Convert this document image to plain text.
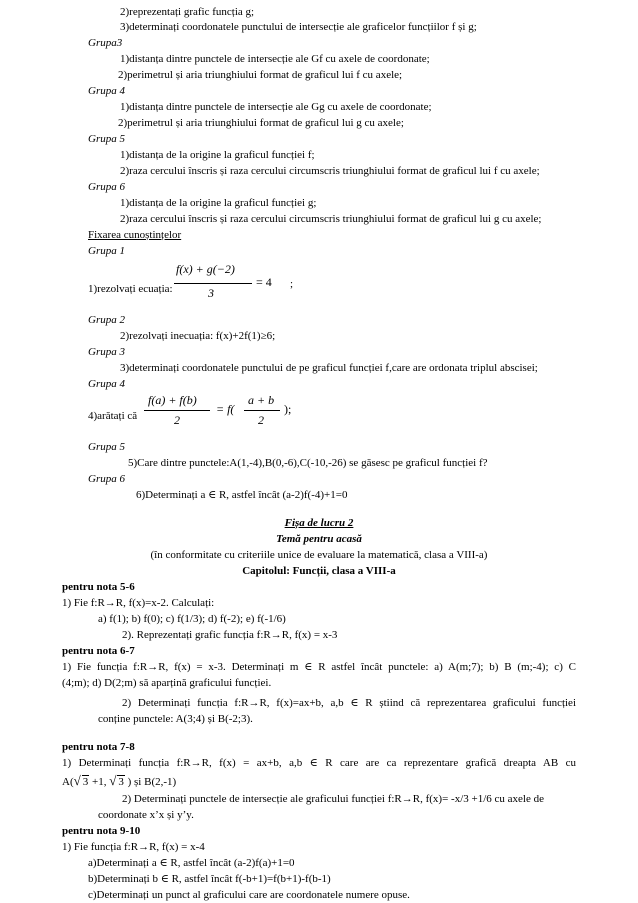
2)reprezentați grafic funcția g;
3)determinați coordonatele punctului de intersecție ale graficelor funcțiilor f și g;
Grupa3
1)distanța dintre punctele de intersecție ale Gf cu axele de coordonate;
2)perimetrul și aria triunghiului format de graficul lui f cu axele;
Grupa 4
1)distanța dintre punctele de intersecție ale Gg cu axele de coordonate;
2)perimetrul și aria triunghiului format de graficul lui g cu axele;
Grupa 5
1)distanța de la origine la graficul funcției f;
2)raza cercului înscris și raza cercului circumscris triunghiului format de graficul lui f cu axele;
Grupa 6
1)distanța de la origine la graficul funcției g;
2)raza cercului înscris și raza cercului circumscris triunghiului format de graficul lui g cu axele;
Fixarea cunoștințelor
Grupa 1
1)rezolvați ecuația:
f(x) + g(−2)
3
= 4 ;
Grupa 2
2)rezolvați inecuația: f(x)+2f(1)≥6;
Grupa 3
3)determinați coordonatele punctului de pe graficul funcției f,care are ordonata triplul abscisei;
Grupa 4
4)arătați că
f(a) + f(b)
2
= f(
a + b
2
);
Grupa 5
5)Care dintre punctele:A(1,-4),B(0,-6),C(-10,-26) se găsesc pe graficul funcției f?
Grupa 6
6)Determinați a ∈ R, astfel încât (a-2)f(-4)+1=0
Fișa de lucru 2
Temă pentru acasă
(în conformitate cu criteriile unice de evaluare la matematică, clasa a VIII-a)
Capitolul: Funcții, clasa a VIII-a
pentru nota 5-6
1) Fie f:R→R, f(x)=x-2. Calculați:
a) f(1); b) f(0); c) f(1/3); d) f(-2); e) f(-1/6)
2). Reprezentați grafic funcția f:R→R, f(x) = x-3
pentru nota 6-7
1) Fie funcția f:R→R, f(x) = x-3. Determinați m ∈ R astfel încât punctele: a) A(m;7); b) B (m;-4); c) C
(4;m); d) D(2;m) să aparțină graficului funcției.
2) Determinați funcția f:R→R, f(x)=ax+b, a,b ∈ R știind că reprezentarea graficului funcției
conține punctele: A(3;4) și B(-2;3).
pentru nota 7-8
1) Determinați funcția f:R→R, f(x) = ax+b, a,b ∈ R care are ca reprezentare grafică dreapta AB cu
A(√ 3 +1, √ 3 ) și B(2,-1)
2) Determinați punctele de intersecție ale graficului funcției f:R→R, f(x)= -x/3 +1/6 cu axele de
coordonate x’x și y’y.
pentru nota 9-10
1) Fie funcția f:R→R, f(x) = x-4
a)Determinați a ∈ R, astfel încât (a-2)f(a)+1=0
b)Determinați b ∈ R, astfel încât f(-b+1)=f(b+1)-f(b-1)
c)Determinați un punct al graficului care are coordonatele numere opuse.
